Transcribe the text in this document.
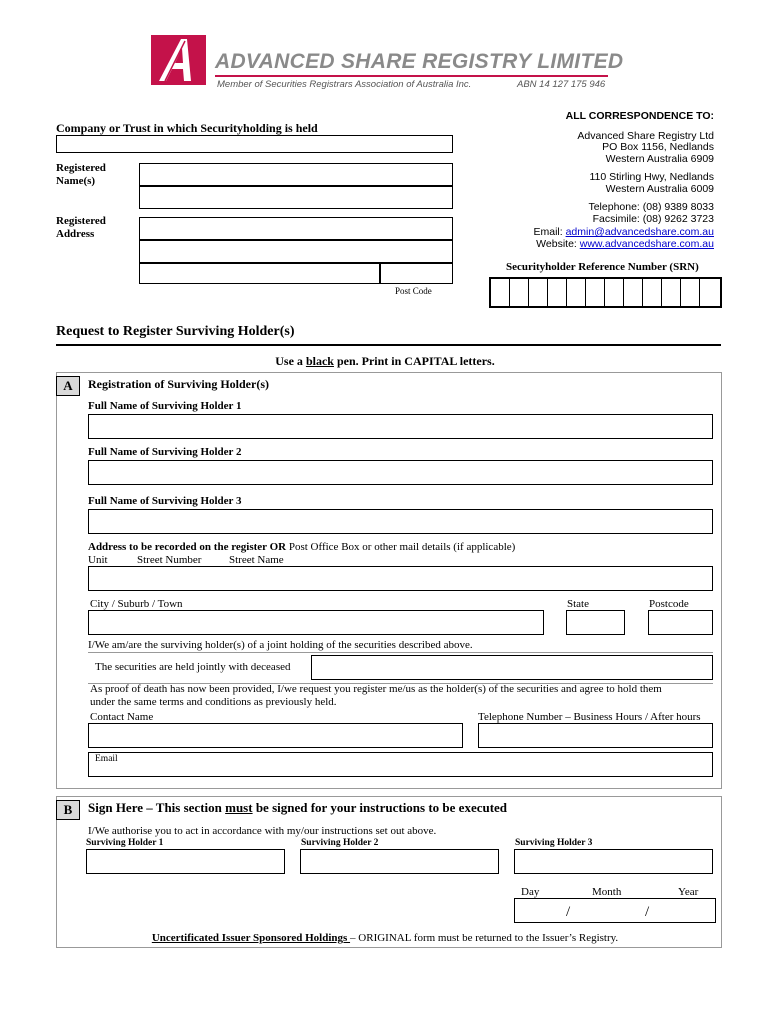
ADVANCED SHARE REGISTRY LIMITED
Member of Securities Registrars Association of Australia Inc.	ABN 14 127 175 946
ALL CORRESPONDENCE TO:
Advanced Share Registry Ltd
PO Box 1156, Nedlands
Western Australia 6909
110 Stirling Hwy, Nedlands
Western Australia 6009
Telephone: (08) 9389 8033
Facsimile: (08) 9262 3723
Email: admin@advancedshare.com.au
Website: www.advancedshare.com.au
Company or Trust in which Securityholding is held
Registered
Name(s)
Registered
Address
Post Code
Securityholder Reference Number (SRN)
Request to Register Surviving Holder(s)
Use a black pen. Print in CAPITAL letters.
A	Registration of Surviving Holder(s)
Full Name of Surviving Holder 1
Full Name of Surviving Holder 2
Full Name of Surviving Holder 3
Address to be recorded on the register OR Post Office Box or other mail details (if applicable)
Unit	Street Number	Street Name
City / Suburb / Town	State	Postcode
I/We am/are the surviving holder(s) of a joint holding of the securities described above.
The securities are held jointly with deceased
As proof of death has now been provided, I/we request you register me/us as the holder(s) of the securities and agree to hold them
under the same terms and conditions as previously held.
Contact Name	Telephone Number – Business Hours / After hours
Email
B	Sign Here – This section must be signed for your instructions to be executed
I/We authorise you to act in accordance with my/our instructions set out above.
Surviving Holder 1	Surviving Holder 2	Surviving Holder 3
Day	Month	Year
/	/
Uncertificated Issuer Sponsored Holdings – ORIGINAL form must be returned to the Issuer’s Registry.
